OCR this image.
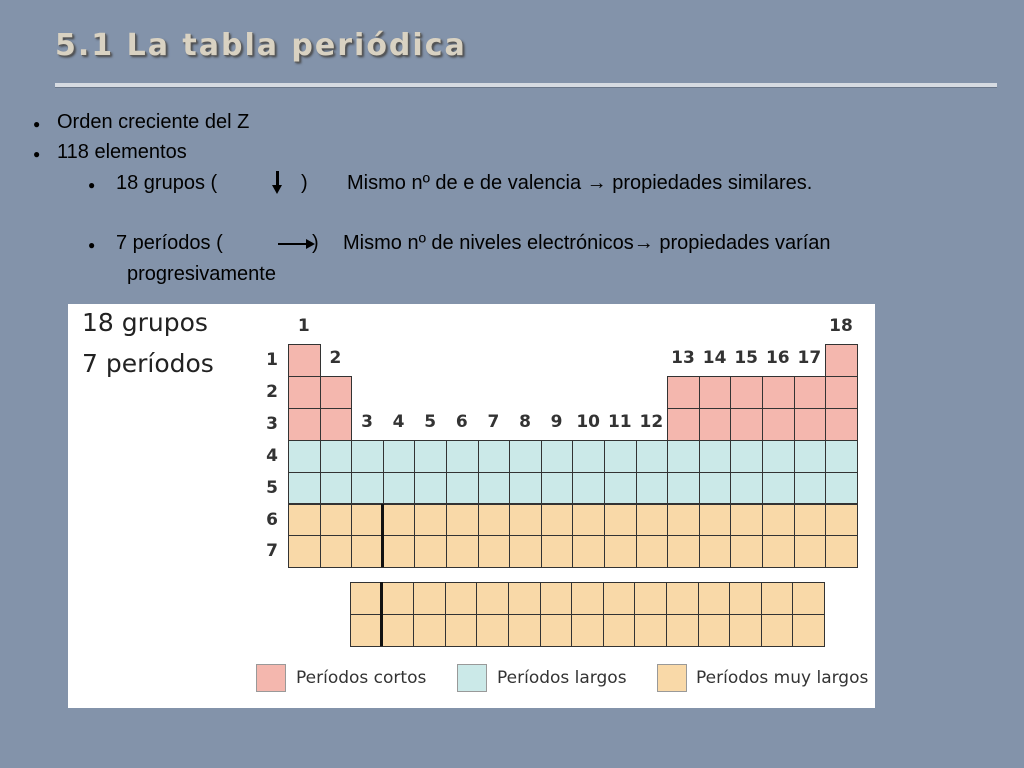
5.1 La tabla periódica
● Orden creciente del Z
● 118 elementos
● 18 grupos (	) Mismo nº de e de valencia → propiedades similares.
● 7 períodos (	) Mismo nº de niveles electrónicos→ propiedades varían
progresivamente
18 grupos
7 períodos
1
2
3	4	5	6	7	8	9 10 11 12
13 14 15 16 17
18
1
2
3
4
5
6
7
Períodos cortos	Períodos largos	Períodos muy largos
